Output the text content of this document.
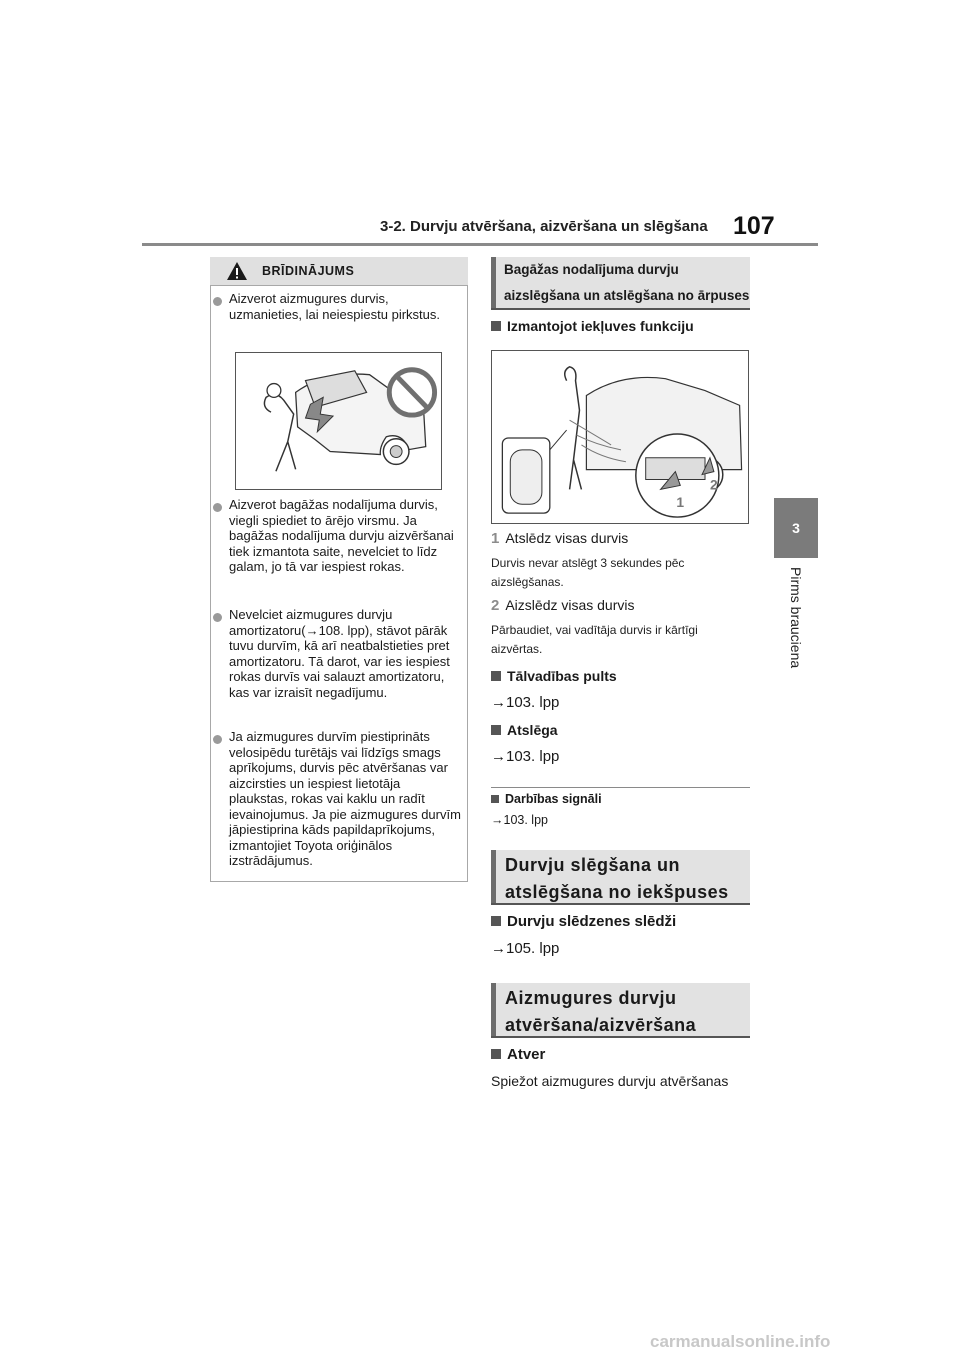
3-2. Durvju atvēršana, aizvēršana un slēgšana 107
3
Pirms brauciena
BRĪDINĀJUMS
Aizverot aizmugures durvis, uzmanieties, lai neiespiestu pirkstus.
Aizverot bagāžas nodalījuma durvis, viegli spiediet to ārējo virsmu. Ja bagāžas nodalījuma durvju aizvēršanai tiek izmantota saite, nevelciet to līdz galam, jo tā var iespiest rokas.
Nevelciet aizmugures durvju amortizatoru(→108. lpp), stāvot pārāk tuvu durvīm, kā arī neatbalstieties pret amortizatoru. Tā darot, var ies iespiest rokas durvīs vai salauzt amortizatoru, kas var izraisīt negadījumu.
Ja aizmugures durvīm piestiprināts velosipēdu turētājs vai līdzīgs smags aprīkojums, durvis pēc atvēršanas var aizcirsties un iespiest lietotāja plaukstas, rokas vai kaklu un radīt ievainojumus. Ja pie aizmugures durvīm jāpiestiprina kāds papildaprīkojums, izmantojiet Toyota oriģinālos izstrādājumus.
Bagāžas nodalījuma durvju
aizslēgšana un atslēgšana no ārpuses
Izmantojot iekļuves funkciju
1
2
1 Atslēdz visas durvis
Durvis nevar atslēgt 3 sekundes pēc aizslēgšanas.
2 Aizslēdz visas durvis
Pārbaudiet, vai vadītāja durvis ir kārtīgi aizvērtas.
Tālvadības pults
→103. lpp
Atslēga
→103. lpp
Darbības signāli
→103. lpp
Durvju slēgšana un
atslēgšana no iekšpuses
Durvju slēdzenes slēdži
→105. lpp
Aizmugures durvju
atvēršana/aizvēršana
Atver
Spiežot aizmugures durvju atvēršanas
carmanualsonline.info
